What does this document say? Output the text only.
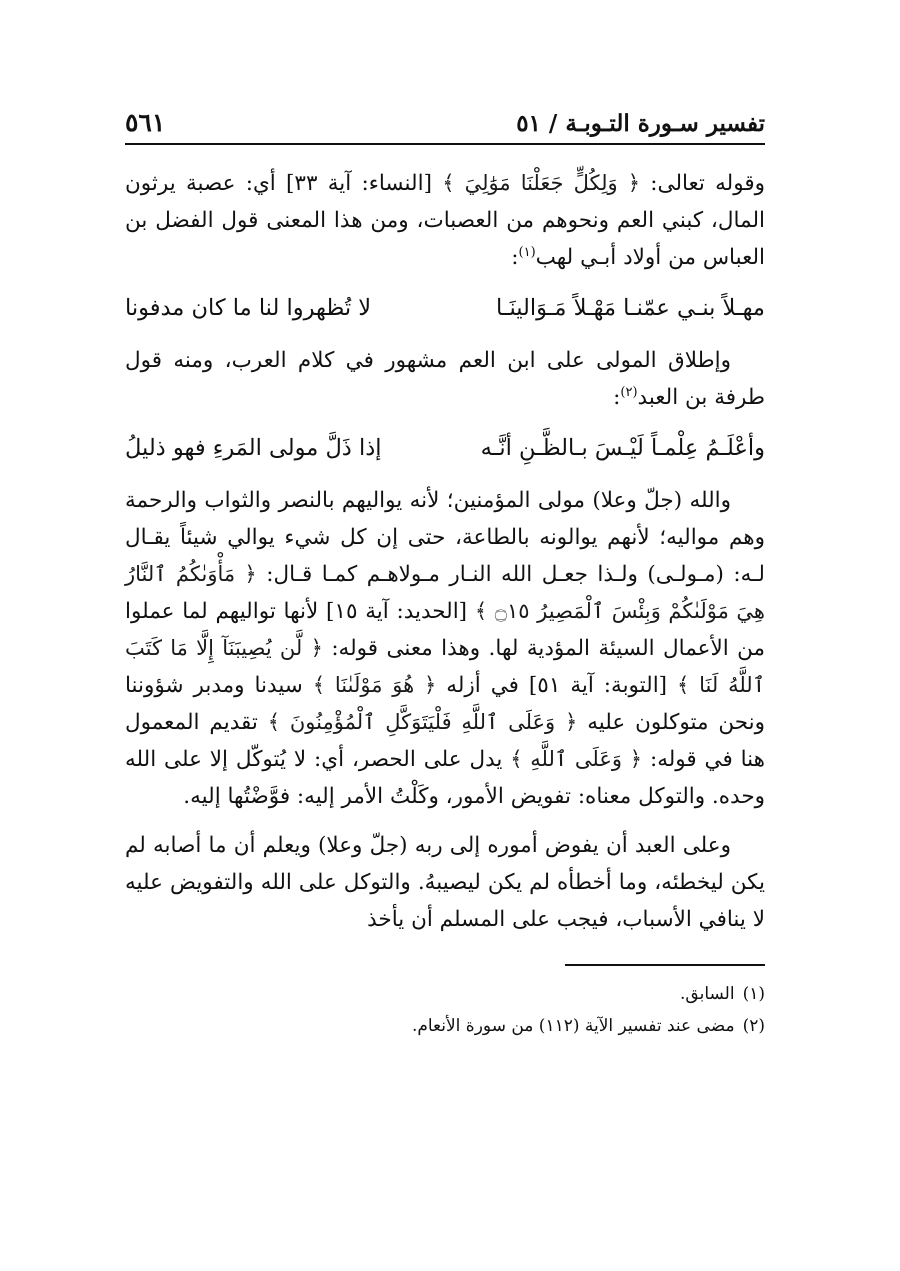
تفسير سـورة التـوبـة / ٥١
٥٦١

وقوله تعالى: ﴿ وَلِكُلٍّ جَعَلْنَا مَوَٰلِيَ ﴾ [النساء: آية ٣٣] أي: عصبة يرثون المال، كبني العم ونحوهم من العصبات، ومن هذا المعنى قول الفضل بن العباس من أولاد أبـي لهب$^{(١)}$:

مهـلاً بنـي عمّنـا مَهْـلاً مَـوَالينَـا
لا تُظهروا لنا ما كان مدفونا

وإطلاق المولى على ابن العم مشهور في كلام العرب، ومنه قول طرفة بن العبد$^{(٢)}$:

وأعْلَـمُ عِلْمـاً لَيْـسَ بـالظَّـنِ أنَّـه
إذا ذَلَّ مولى المَرءِ فهو ذليلُ

والله (جلّ وعلا) مولى المؤمنين؛ لأنه يواليهم بالنصر والثواب والرحمة وهم مواليه؛ لأنهم يوالونه بالطاعة، حتى إن كل شيء يوالي شيئاً يقـال لـه: (مـولـى) ولـذا جعـل الله النـار مـولاهـم كمـا قـال: ﴿ مَأْوَىٰكُمُ ٱلنَّارُ هِيَ مَوْلَىٰكُمْ وَبِئْسَ ٱلْمَصِيرُ ۝١٥ ﴾ [الحديد: آية ١٥] لأنها تواليهم لما عملوا من الأعمال السيئة المؤدية لها. وهذا معنى قوله: ﴿ لَّن يُصِيبَنَآ إِلَّا مَا كَتَبَ ٱللَّهُ لَنَا ﴾ [التوبة: آية ٥١] في أزله ﴿ هُوَ مَوْلَىٰنَا ﴾ سيدنا ومدبر شؤوننا ونحن متوكلون عليه ﴿ وَعَلَى ٱللَّهِ فَلْيَتَوَكَّلِ ٱلْمُؤْمِنُونَ ﴾ تقديم المعمول هنا في قوله: ﴿ وَعَلَى ٱللَّهِ ﴾ يدل على الحصر، أي: لا يُتوكّل إلا على الله وحده. والتوكل معناه: تفويض الأمور، وكَلْتُ الأمر إليه: فوَّضْتُها إليه.

وعلى العبد أن يفوض أموره إلى ربه (جلّ وعلا) ويعلم أن ما أصابه لم يكن ليخطئه، وما أخطأه لم يكن ليصيبهُ. والتوكل على الله والتفويض عليه لا ينافي الأسباب، فيجب على المسلم أن يأخذ

(١)السابق.

(٢)مضى عند تفسير الآية (١١٢) من سورة الأنعام.
